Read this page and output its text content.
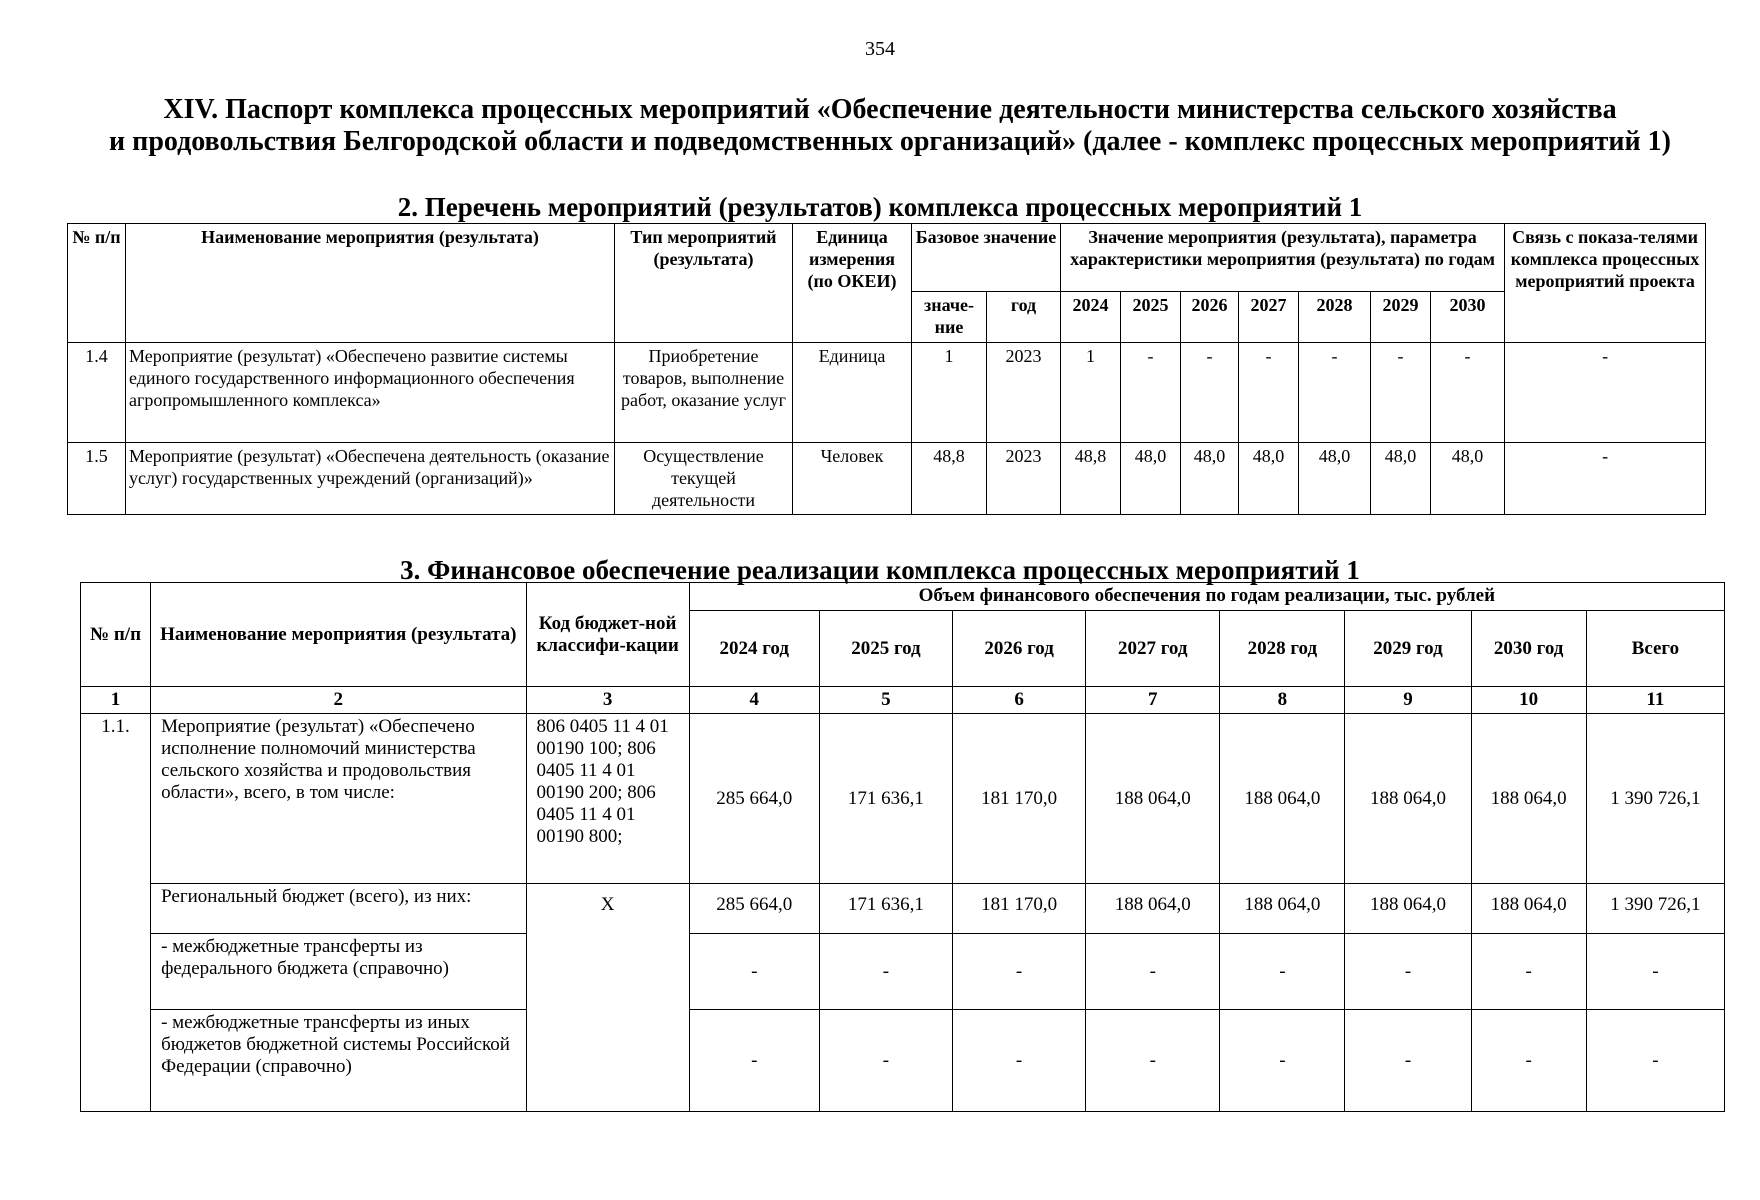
354
XIV. Паспорт комплекса процессных мероприятий «Обеспечение деятельности министерства сельского хозяйства
и продовольствия Белгородской области и подведомственных организаций» (далее - комплекс процессных мероприятий 1)
2. Перечень мероприятий (результатов) комплекса процессных мероприятий 1
№ п/п	Наименование мероприятия (результата)	Тип мероприятий (результата)	Единица измерения (по ОКЕИ)	Базовое значение		Значение мероприятия (результата), параметра характеристики мероприятия (результата) по годам							Связь с показа-телями комплекса процессных мероприятий проекта
				значе-ние	год	2024	2025	2026	2027	2028	2029	2030	
1.4	Мероприятие (результат) «Обеспечено развитие системы единого государственного информационного обеспечения агропромышленного комплекса»	Приобретение товаров, выполнение работ, оказание услуг	Единица	1	2023	1	-	-	-	-	-	-	-
1.5	Мероприятие (результат) «Обеспечена деятельность (оказание услуг) государственных учреждений (организаций)»	Осуществление текущей деятельности	Человек	48,8	2023	48,8	48,0	48,0	48,0	48,0	48,0	48,0	-
3. Финансовое обеспечение реализации комплекса процессных мероприятий 1
№ п/п	Наименование мероприятия (результата)	Код бюджет-ной классифи-кации	Объем финансового обеспечения по годам реализации, тыс. рублей							
			2024 год	2025 год	2026 год	2027 год	2028 год	2029 год	2030 год	Всего
1	2	3	4	5	6	7	8	9	10	11
1.1.	Мероприятие (результат) «Обеспечено исполнение полномочий министерства сельского хозяйства и продовольствия области», всего, в том числе:	806 0405 11 4 01 00190 100; 806 0405 11 4 01 00190 200; 806 0405 11 4 01 00190 800;	285 664,0	171 636,1	181 170,0	188 064,0	188 064,0	188 064,0	188 064,0	1 390 726,1
	Региональный бюджет (всего), из них:	X	285 664,0	171 636,1	181 170,0	188 064,0	188 064,0	188 064,0	188 064,0	1 390 726,1
	- межбюджетные трансферты из федерального бюджета (справочно)		-	-	-	-	-	-	-	-
	- межбюджетные трансферты из иных бюджетов бюджетной системы Российской Федерации (справочно)		-	-	-	-	-	-	-	-
